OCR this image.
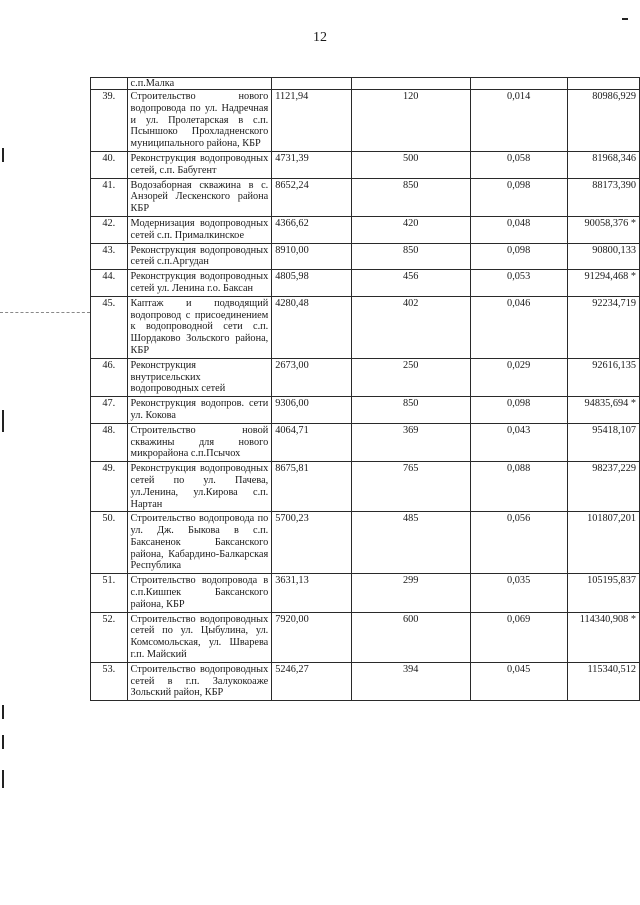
12
	с.п.Малка				
39.	Строительство нового водопровода по ул. Надречная и ул. Пролетарская в с.п. Псыншоко Прохладненского муниципального района, КБР	1121,94	120	0,014	80986,929
40.	Реконструкция водопроводных сетей, с.п. Бабугент	4731,39	500	0,058	81968,346
41.	Водозаборная скважина в с. Анзорей Лескенского района КБР	8652,24	850	0,098	88173,390
42.	Модернизация водопроводных сетей с.п. Прималкинское	4366,62	420	0,048	90058,376 *
43.	Реконструкция водопроводных сетей с.п.Аргудан	8910,00	850	0,098	90800,133
44.	Реконструкция водопроводных сетей ул. Ленина г.о. Баксан	4805,98	456	0,053	91294,468 *
45.	Каптаж и подводящий водопровод с присоединением к водопроводной сети с.п. Шордаково Зольского района, КБР	4280,48	402	0,046	92234,719
46.	Реконструкция внутрисельских водопроводных сетей	2673,00	250	0,029	92616,135
47.	Реконструкция водопров. сети ул. Кокова	9306,00	850	0,098	94835,694 *
48.	Строительство новой скважины для нового микрорайона с.п.Псычох	4064,71	369	0,043	95418,107
49.	Реконструкция водопроводных сетей по ул. Пачева, ул.Ленина, ул.Кирова с.п. Нартан	8675,81	765	0,088	98237,229
50.	Строительство водопровода по ул. Дж. Быкова в с.п. Баксаненок Баксанского района, Кабардино-Балкарская Республика	5700,23	485	0,056	101807,201
51.	Строительство водопровода в с.п.Кишпек Баксанского района, КБР	3631,13	299	0,035	105195,837
52.	Строительство водопроводных сетей по ул. Цыбулина, ул. Комсомольская, ул. Шварева г.п. Майский	7920,00	600	0,069	114340,908 *
53.	Строительство водопроводных сетей в г.п. Залукокоаже Зольский район, КБР	5246,27	394	0,045	115340,512
